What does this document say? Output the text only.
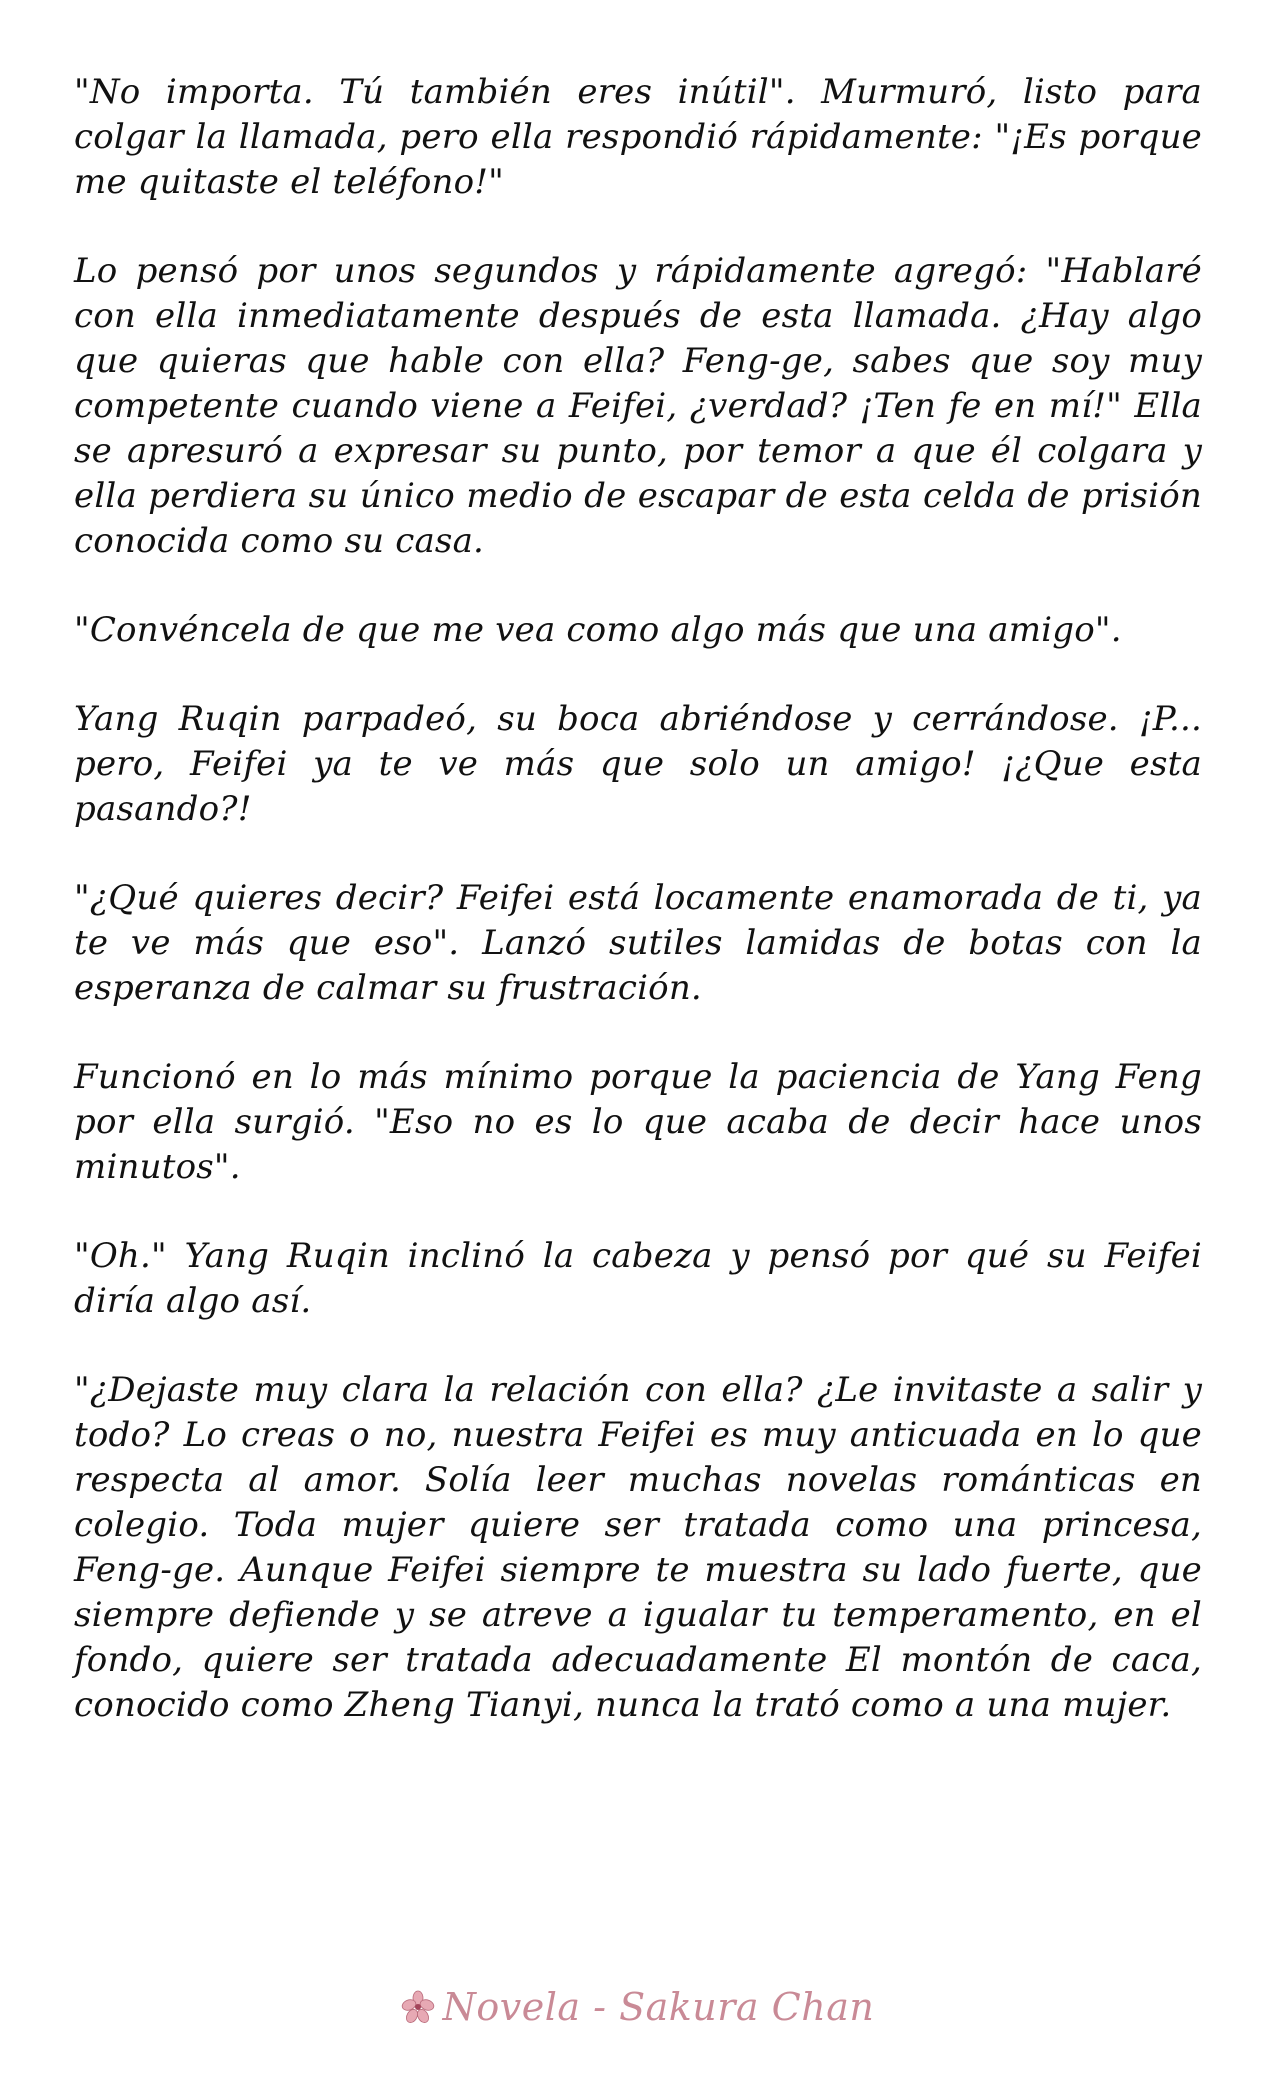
"No importa. Tú también eres inútil". Murmuró, listo para colgar la llamada, pero ella respondió rápidamente: "¡Es porque me quitaste el teléfono!"

Lo pensó por unos segundos y rápidamente agregó: "Hablaré con ella inmediatamente después de esta llamada. ¿Hay algo que quieras que hable con ella? Feng-ge, sabes que soy muy competente cuando viene a Feifei, ¿verdad? ¡Ten fe en mí!" Ella se apresuró a expresar su punto, por temor a que él colgara y ella perdiera su único medio de escapar de esta celda de prisión conocida como su casa.

"Convéncela de que me vea como algo más que una amigo".

Yang Ruqin parpadeó, su boca abriéndose y cerrándose. ¡P... pero, Feifei ya te ve más que solo un amigo! ¡¿Que esta pasando?!

"¿Qué quieres decir? Feifei está locamente enamorada de ti, ya te ve más que eso". Lanzó sutiles lamidas de botas con la esperanza de calmar su frustración.

Funcionó en lo más mínimo porque la paciencia de Yang Feng por ella surgió. "Eso no es lo que acaba de decir hace unos minutos".

"Oh." Yang Ruqin inclinó la cabeza y pensó por qué su Feifei diría algo así.

"¿Dejaste muy clara la relación con ella? ¿Le invitaste a salir y todo? Lo creas o no, nuestra Feifei es muy anticuada en lo que respecta al amor. Solía leer muchas novelas románticas en colegio. Toda mujer quiere ser tratada como una princesa, Feng-ge. Aunque Feifei siempre te muestra su lado fuerte, que siempre defiende y se atreve a igualar tu temperamento, en el fondo, quiere ser tratada adecuadamente El montón de caca, conocido como Zheng Tianyi, nunca la trató como a una mujer.

Novela - Sakura Chan
